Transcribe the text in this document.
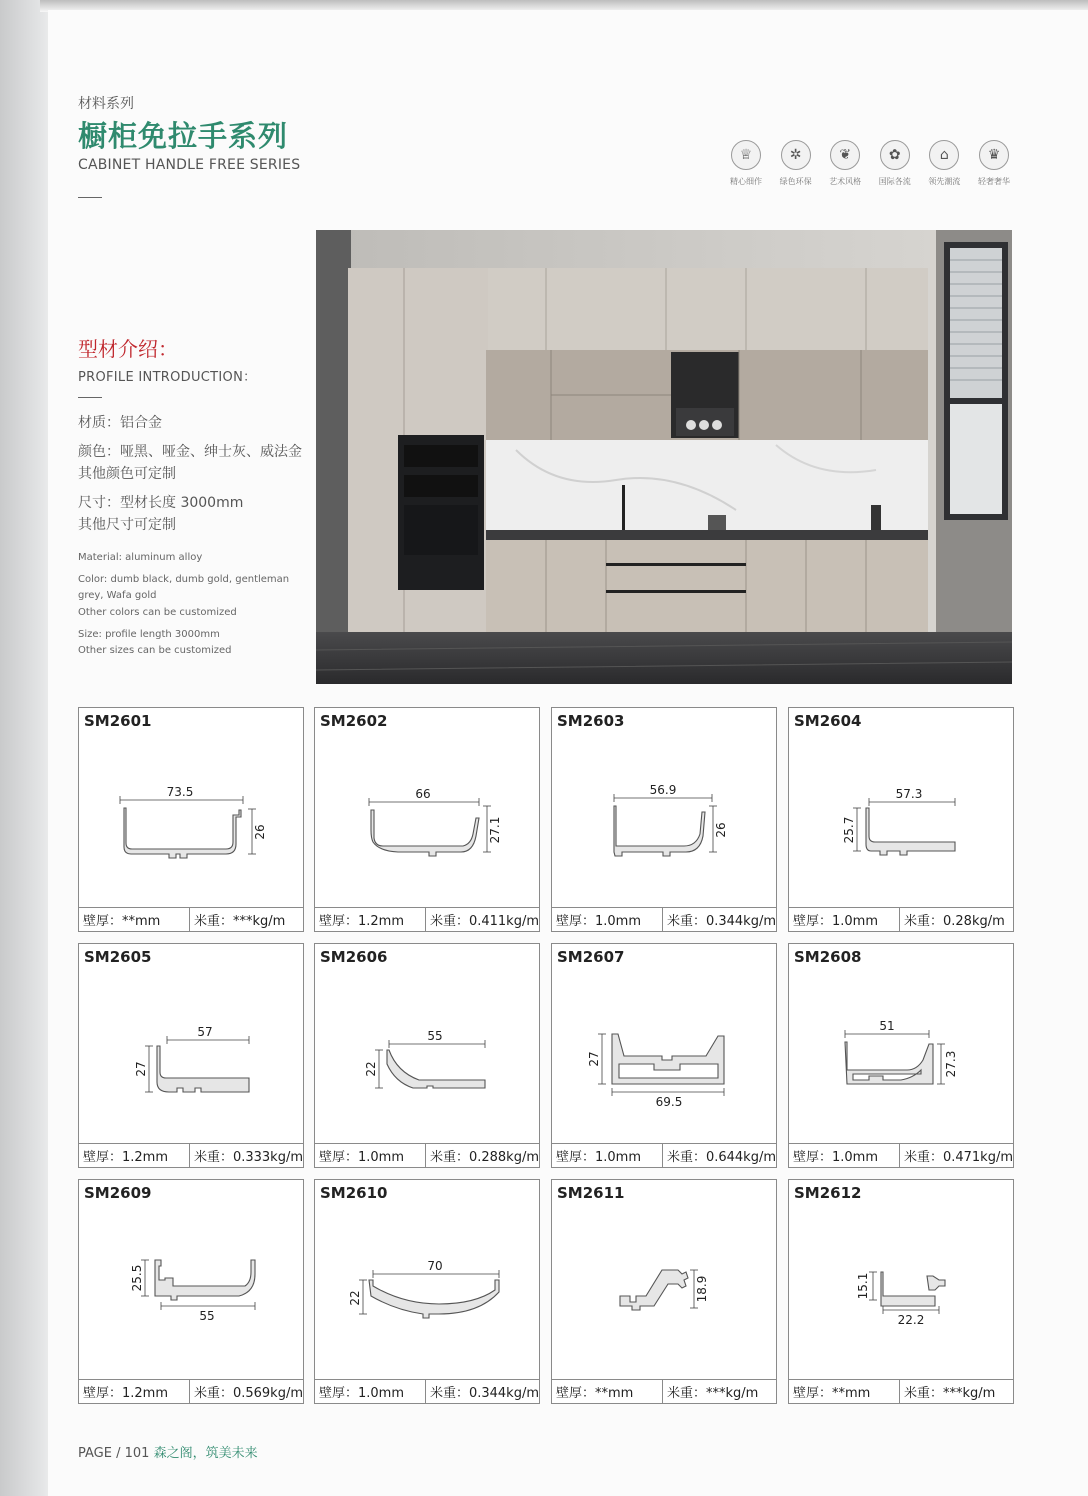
材料系列
橱柜免拉手系列
CABINET HANDLE FREE SERIES
♕
精心细作
✲
绿色环保
❦
艺术风格
✿
国际各流
⌂
领先潮流
♛
轻奢奢华
型材介绍：
PROFILE INTRODUCTION：
材质：铝合金
颜色：哑黑、哑金、绅士灰、威法金
其他颜色可定制
尺寸：型材长度 3000mm
其他尺寸可定制
Material: aluminum alloy
Color: dumb black, dumb gold, gentleman
grey, Wafa gold
Other colors can be customized
Size: profile length 3000mm
Other sizes can be customized
SM2601
73.5
26
壁厚：**mm	米重：***kg/m
SM2602
66
27.1
壁厚：1.2mm	米重：0.411kg/m
SM2603
56.9
26
壁厚：1.0mm	米重：0.344kg/m
SM2604
57.3
25.7
壁厚：1.0mm	米重：0.28kg/m
SM2605
57
27
壁厚：1.2mm	米重：0.333kg/m
SM2606
55
22
壁厚：1.0mm	米重：0.288kg/m
SM2607
27
69.5
壁厚：1.0mm	米重：0.644kg/m
SM2608
51
27.3
壁厚：1.0mm	米重：0.471kg/m
SM2609
25.5
55
壁厚：1.2mm	米重：0.569kg/m
SM2610
70
22
壁厚：1.0mm	米重：0.344kg/m
SM2611
18.9
壁厚：**mm	米重：***kg/m
SM2612
15.1
22.2
壁厚：**mm	米重：***kg/m
PAGE / 101 森之阁，筑美未来
